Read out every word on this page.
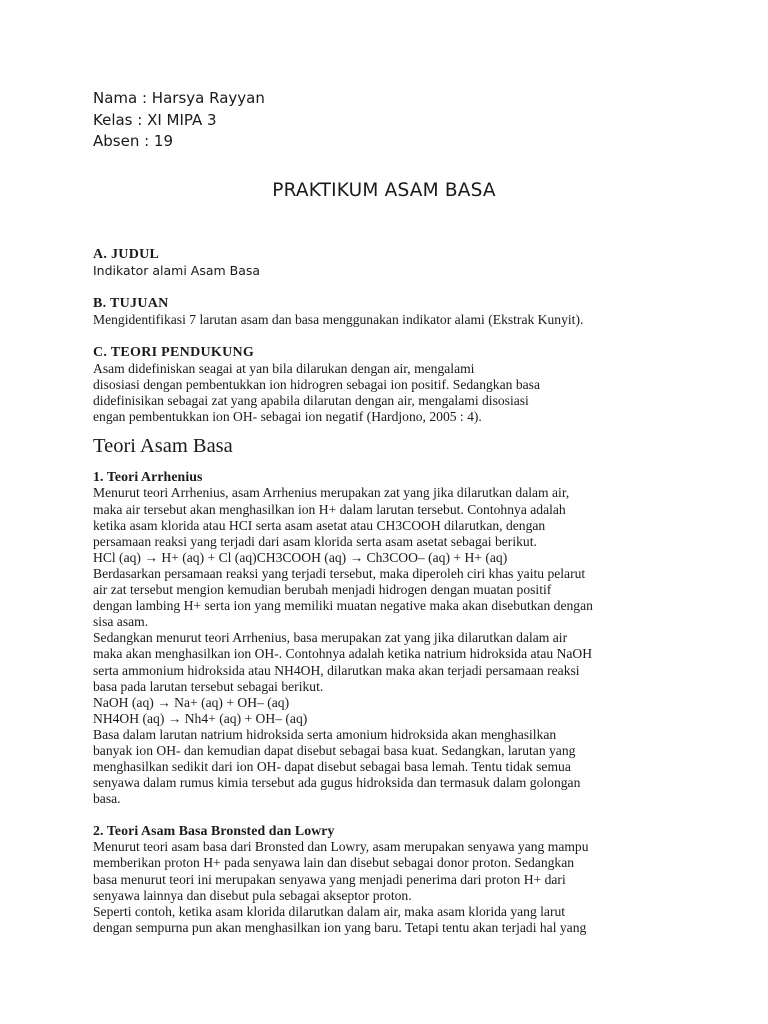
Nama : Harsya Rayyan
Kelas : XI MIPA 3
Absen : 19
PRAKTIKUM ASAM BASA
A. JUDUL
Indikator alami Asam Basa
B. TUJUAN
Mengidentifikasi 7 larutan asam dan basa menggunakan indikator alami (Ekstrak Kunyit).
C. TEORI PENDUKUNG
Asam didefiniskan seagai at yan bila dilarukan dengan air, mengalami
disosiasi dengan pembentukkan ion hidrogren sebagai ion positif. Sedangkan basa
didefinisikan sebagai zat yang apabila dilarutan dengan air, mengalami disosiasi
engan pembentukkan ion OH- sebagai ion negatif (Hardjono, 2005 : 4).
Teori Asam Basa
1. Teori Arrhenius
Menurut teori Arrhenius, asam Arrhenius merupakan zat yang jika dilarutkan dalam air,
maka air tersebut akan menghasilkan ion H+ dalam larutan tersebut. Contohnya adalah
ketika asam klorida atau HCI serta asam asetat atau CH3COOH dilarutkan, dengan
persamaan reaksi yang terjadi dari asam klorida serta asam asetat sebagai berikut.
HCl (aq) → H+ (aq) + Cl (aq)CH3COOH (aq) → Ch3COO– (aq) + H+ (aq)
Berdasarkan persamaan reaksi yang terjadi tersebut, maka diperoleh ciri khas yaitu pelarut
air zat tersebut mengion kemudian berubah menjadi hidrogen dengan muatan positif
dengan lambing H+ serta ion yang memiliki muatan negative maka akan disebutkan dengan
sisa asam.
Sedangkan menurut teori Arrhenius, basa merupakan zat yang jika dilarutkan dalam air
maka akan menghasilkan ion OH-. Contohnya adalah ketika natrium hidroksida atau NaOH
serta ammonium hidroksida atau NH4OH, dilarutkan maka akan terjadi persamaan reaksi
basa pada larutan tersebut sebagai berikut.
NaOH (aq) → Na+ (aq) + OH– (aq)
NH4OH (aq) → Nh4+ (aq) + OH– (aq)
Basa dalam larutan natrium hidroksida serta amonium hidroksida akan menghasilkan
banyak ion OH- dan kemudian dapat disebut sebagai basa kuat. Sedangkan, larutan yang
menghasilkan sedikit dari ion OH- dapat disebut sebagai basa lemah. Tentu tidak semua
senyawa dalam rumus kimia tersebut ada gugus hidroksida dan termasuk dalam golongan
basa.
2. Teori Asam Basa Bronsted dan Lowry
Menurut teori asam basa dari Bronsted dan Lowry, asam merupakan senyawa yang mampu
memberikan proton H+ pada senyawa lain dan disebut sebagai donor proton. Sedangkan
basa menurut teori ini merupakan senyawa yang menjadi penerima dari proton H+ dari
senyawa lainnya dan disebut pula sebagai akseptor proton.
Seperti contoh, ketika asam klorida dilarutkan dalam air, maka asam klorida yang larut
dengan sempurna pun akan menghasilkan ion yang baru. Tetapi tentu akan terjadi hal yang
